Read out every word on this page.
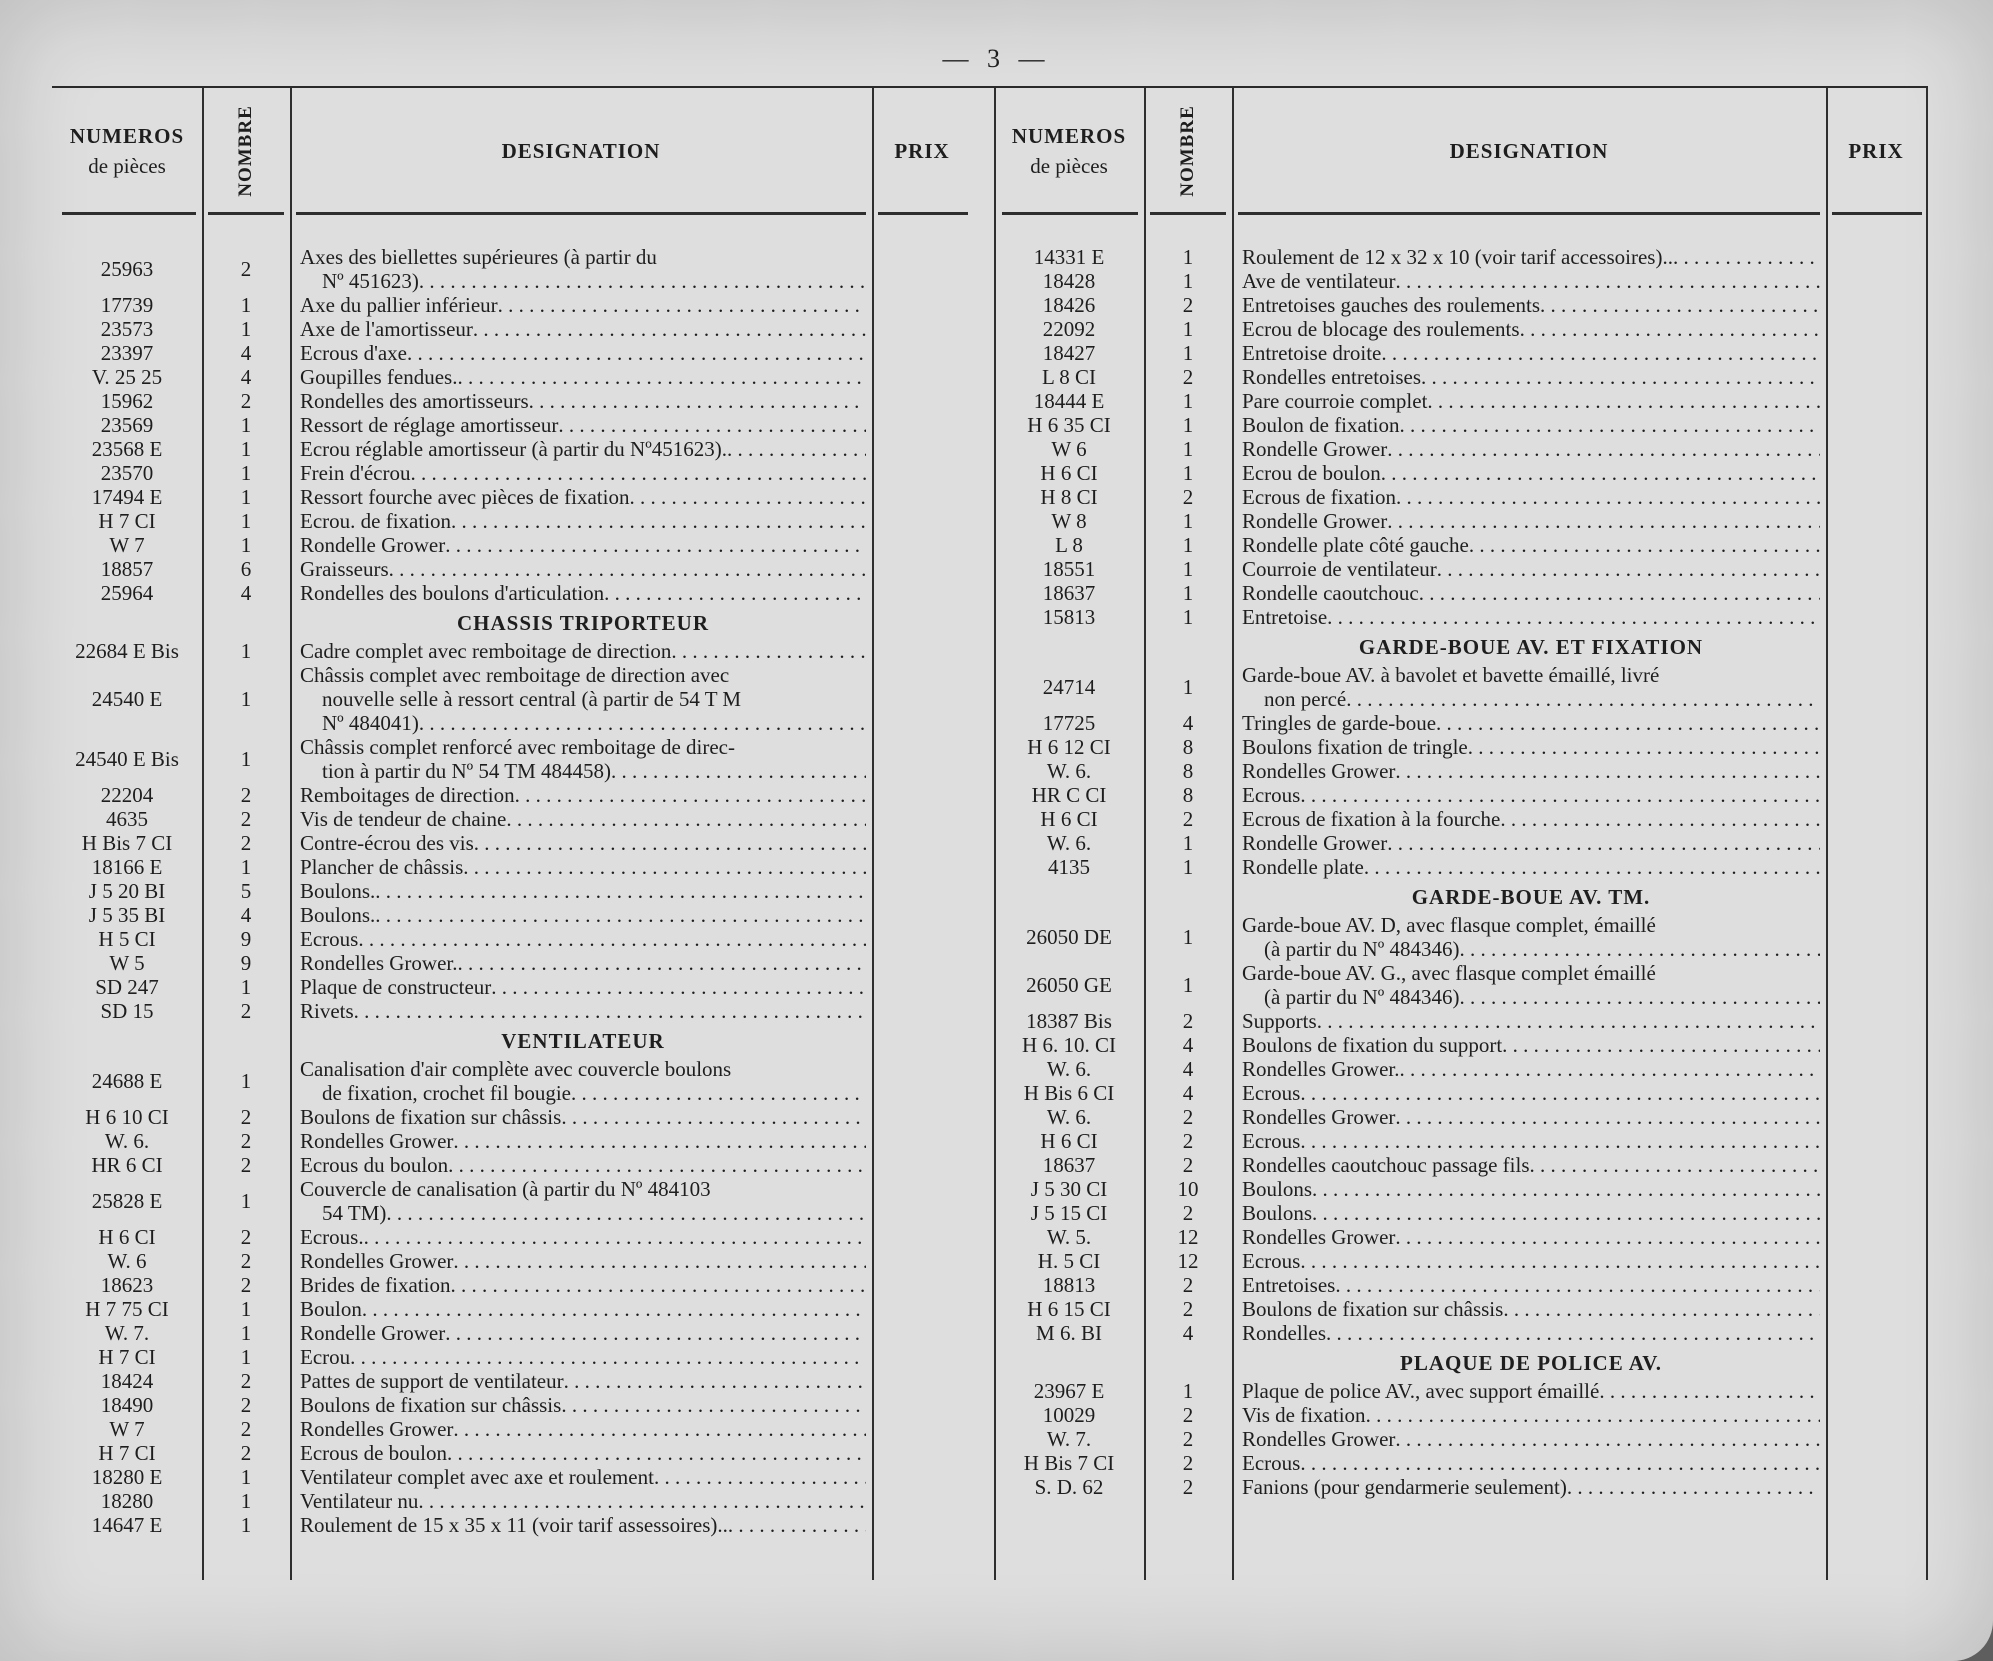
— 3 —
NUMEROS
de pièces	NOMBRE	DESIGNATION	PRIX
25963	2	Axes des biellettes supérieures (à partir du
Nº 451623)
. . .
17739	1	Axe du pallier inférieur
. . .
23573	1	Axe de l'amortisseur
. . .
23397	4	Ecrous d'axe
. . .
V. 25 25	4	Goupilles fendues.
. . .
15962	2	Rondelles des amortisseurs
. . .
23569	1	Ressort de réglage amortisseur
. . .
23568 E	1	Ecrou réglable amortisseur (à partir du Nº451623).
. . .
23570	1	Frein d'écrou
. . .
17494 E	1	Ressort fourche avec pièces de fixation
. . .
H 7 CI	1	Ecrou. de fixation
. . .
W 7	1	Rondelle Grower
. . .
18857	6	Graisseurs
. . .
25964	4	Rondelles des boulons d'articulation
. . .
CHASSIS TRIPORTEUR
22684 E Bis	1	Cadre complet avec remboitage de direction
. . .
24540 E	1
Châssis complet avec remboitage de direction avec
nouvelle selle à ressort central (à partir de 54 T M
Nº 484041)
. . .
24540 E Bis	1	Châssis complet renforcé avec remboitage de direc-
tion à partir du Nº 54 TM 484458)
. . .
22204	2	Remboitages de direction
. . .
4635	2	Vis de tendeur de chaine
. . .
H Bis 7 CI	2	Contre-écrou des vis
. . .
18166 E	1	Plancher de châssis
. . .
J 5 20 BI	5	Boulons.
. . .
J 5 35 BI	4	Boulons.
. . .
H 5 CI	9	Ecrous
. . .
W 5	9	Rondelles Grower.
. . .
SD 247	1	Plaque de constructeur
. . .
SD 15	2	Rivets
. . .
VENTILATEUR
24688 E	1	Canalisation d'air complète avec couvercle boulons
de fixation, crochet fil bougie
. . .
H 6 10 CI	2	Boulons de fixation sur châssis
. . .
W. 6.	2	Rondelles Grower
. . .
HR 6 CI	2	Ecrous du boulon
. . .
25828 E	1	Couvercle de canalisation (à partir du Nº 484103
54 TM)
. . .
H 6 CI	2	Ecrous.
. . .
W. 6	2	Rondelles Grower
. . .
18623	2	Brides de fixation
. . .
H 7 75 CI	1	Boulon
. . .
W. 7.	1	Rondelle Grower
. . .
H 7 CI	1	Ecrou
. . .
18424	2	Pattes de support de ventilateur
. . .
18490	2	Boulons de fixation sur châssis
. . .
W 7	2	Rondelles Grower
. . .
H 7 CI	2	Ecrous de boulon
. . .
18280 E	1	Ventilateur complet avec axe et roulement
. . .
18280	1	Ventilateur nu
. . .
14647 E	1	Roulement de 15 x 35 x 11 (voir tarif assessoires)..
. . .
NUMEROS
de pièces	NOMBRE	DESIGNATION	PRIX
14331 E	1	Roulement de 12 x 32 x 10 (voir tarif accessoires)..
. . .
18428	1	Ave de ventilateur
. . .
18426	2	Entretoises gauches des roulements
. . .
22092	1	Ecrou de blocage des roulements
. . .
18427	1	Entretoise droite
. . .
L 8 CI	2	Rondelles entretoises
. . .
18444 E	1	Pare courroie complet
. . .
H 6 35 CI	1	Boulon de fixation
. . .
W 6	1	Rondelle Grower
. . .
H 6 CI	1	Ecrou de boulon
. . .
H 8 CI	2	Ecrous de fixation
. . .
W 8	1	Rondelle Grower
. . .
L 8	1	Rondelle plate côté gauche
. . .
18551	1	Courroie de ventilateur
. . .
18637	1	Rondelle caoutchouc
. . .
15813	1	Entretoise
. . .
GARDE-BOUE AV. ET FIXATION
24714	1	Garde-boue AV. à bavolet et bavette émaillé, livré
non percé
. . .
17725	4	Tringles de garde-boue
. . .
H 6 12 CI	8	Boulons fixation de tringle
. . .
W. 6.	8	Rondelles Grower
. . .
HR C CI	8	Ecrous
. . .
H 6 CI	2	Ecrous de fixation à la fourche
. . .
W. 6.	1	Rondelle Grower
. . .
4135	1	Rondelle plate
. . .
GARDE-BOUE AV. TM.
26050 DE	1	Garde-boue AV. D, avec flasque complet, émaillé
(à partir du Nº 484346)
. . .
26050 GE	1	Garde-boue AV. G., avec flasque complet émaillé
(à partir du Nº 484346)
. . .
18387 Bis	2	Supports
. . .
H 6. 10. CI	4	Boulons de fixation du support
. . .
W. 6.	4	Rondelles Grower.
. . .
H Bis 6 CI	4	Ecrous
. . .
W. 6.	2	Rondelles Grower
. . .
H 6 CI	2	Ecrous
. . .
18637	2	Rondelles caoutchouc passage fils
. . .
J 5 30 CI	10	Boulons
. . .
J 5 15 CI	2	Boulons
. . .
W. 5.	12	Rondelles Grower
. . .
H. 5 CI	12	Ecrous
. . .
18813	2	Entretoises
. . .
H 6 15 CI	2	Boulons de fixation sur châssis
. . .
M 6. BI	4	Rondelles
. . .
PLAQUE DE POLICE AV.
23967 E	1	Plaque de police AV., avec support émaillé
. . .
10029	2	Vis de fixation
. . .
W. 7.	2	Rondelles Grower
. . .
H Bis 7 CI	2	Ecrous
. . .
S. D. 62	2	Fanions (pour gendarmerie seulement)
. . .
